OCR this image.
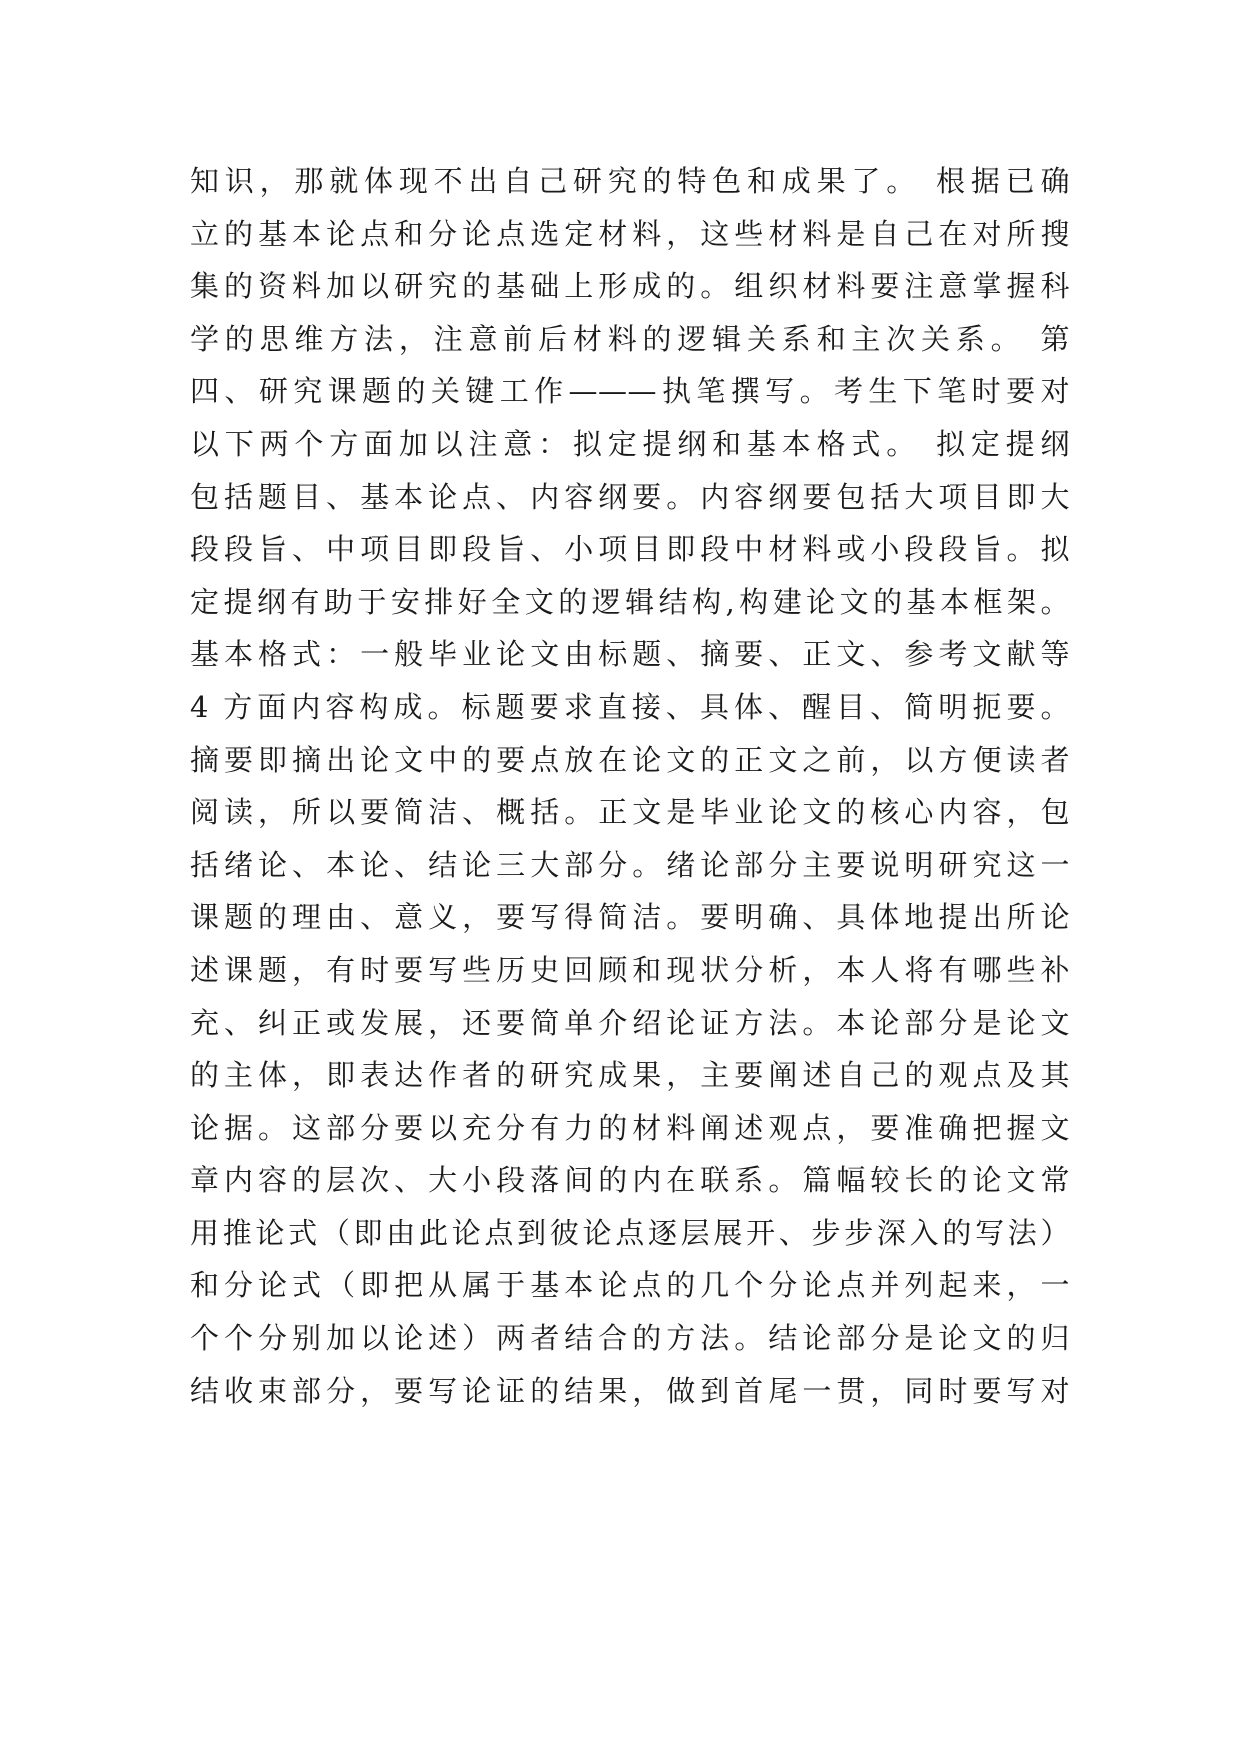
知识，那就体现不出自己研究的特色和成果了。 根据已确
立的基本论点和分论点选定材料，这些材料是自己在对所搜
集的资料加以研究的基础上形成的。组织材料要注意掌握科
学的思维方法，注意前后材料的逻辑关系和主次关系。 第
四、研究课题的关键工作———执笔撰写。考生下笔时要对
以下两个方面加以注意：拟定提纲和基本格式。 拟定提纲
包括题目、基本论点、内容纲要。内容纲要包括大项目即大
段段旨、中项目即段旨、小项目即段中材料或小段段旨。拟
定提纲有助于安排好全文的逻辑结构,构建论文的基本框架。
基本格式：一般毕业论文由标题、摘要、正文、参考文献等
4 方面内容构成。标题要求直接、具体、醒目、简明扼要。
摘要即摘出论文中的要点放在论文的正文之前，以方便读者
阅读，所以要简洁、概括。正文是毕业论文的核心内容，包
括绪论、本论、结论三大部分。绪论部分主要说明研究这一
课题的理由、意义，要写得简洁。要明确、具体地提出所论
述课题，有时要写些历史回顾和现状分析，本人将有哪些补
充、纠正或发展，还要简单介绍论证方法。本论部分是论文
的主体，即表达作者的研究成果，主要阐述自己的观点及其
论据。这部分要以充分有力的材料阐述观点，要准确把握文
章内容的层次、大小段落间的内在联系。篇幅较长的论文常
用推论式（即由此论点到彼论点逐层展开、步步深入的写法）
和分论式（即把从属于基本论点的几个分论点并列起来，一
个个分别加以论述）两者结合的方法。结论部分是论文的归
结收束部分，要写论证的结果，做到首尾一贯，同时要写对
